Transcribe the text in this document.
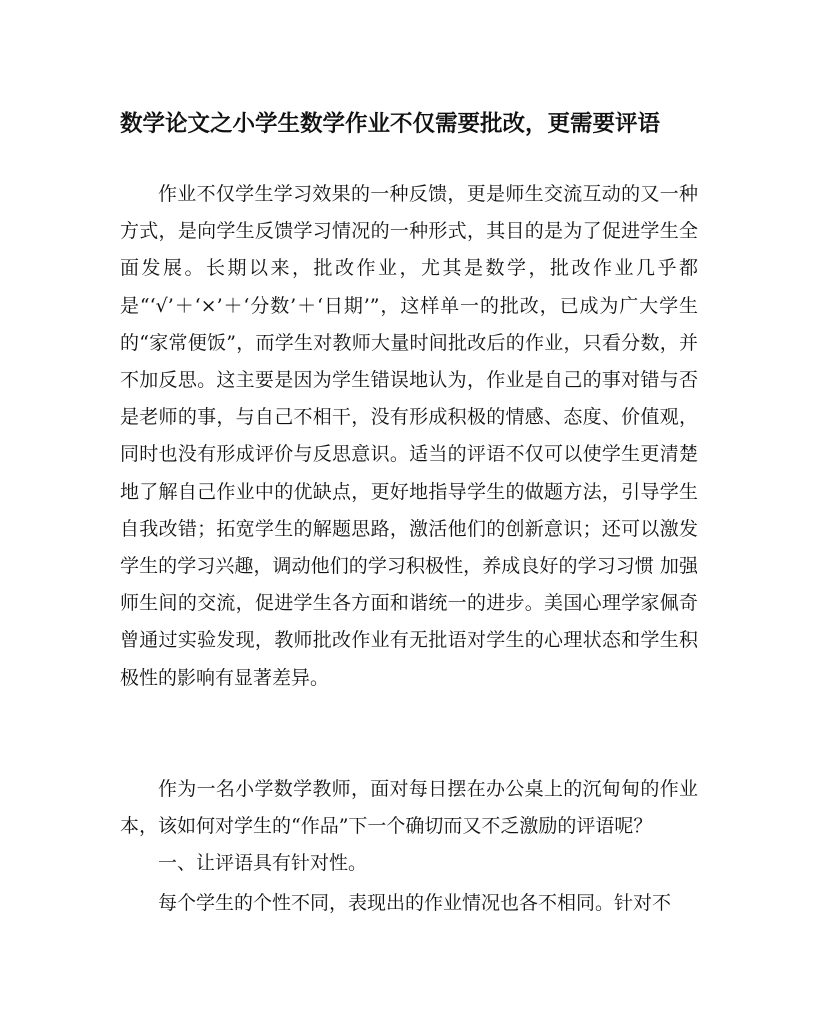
数学论文之小学生数学作业不仅需要批改，更需要评语

作业不仅学生学习效果的一种反馈，更是师生交流互动的又一种方式，是向学生反馈学习情况的一种形式，其目的是为了促进学生全面发展。长期以来，批改作业，尤其是数学，批改作业几乎都是“‘√’＋‘×’＋‘分数’＋‘日期’”，这样单一的批改，已成为广大学生的“家常便饭”，而学生对教师大量时间批改后的作业，只看分数，并不加反思。这主要是因为学生错误地认为，作业是自己的事对错与否是老师的事，与自己不相干，没有形成积极的情感、态度、价值观，同时也没有形成评价与反思意识。适当的评语不仅可以使学生更清楚地了解自己作业中的优缺点，更好地指导学生的做题方法，引导学生自我改错；拓宽学生的解题思路，激活他们的创新意识；还可以激发学生的学习兴趣，调动他们的学习积极性，养成良好的学习习惯 加强师生间的交流，促进学生各方面和谐统一的进步。美国心理学家佩奇曾通过实验发现，教师批改作业有无批语对学生的心理状态和学生积极性的影响有显著差异。

作为一名小学数学教师，面对每日摆在办公桌上的沉甸甸的作业本，该如何对学生的“作品”下一个确切而又不乏激励的评语呢？

一、让评语具有针对性。

每个学生的个性不同，表现出的作业情况也各不相同。针对不
